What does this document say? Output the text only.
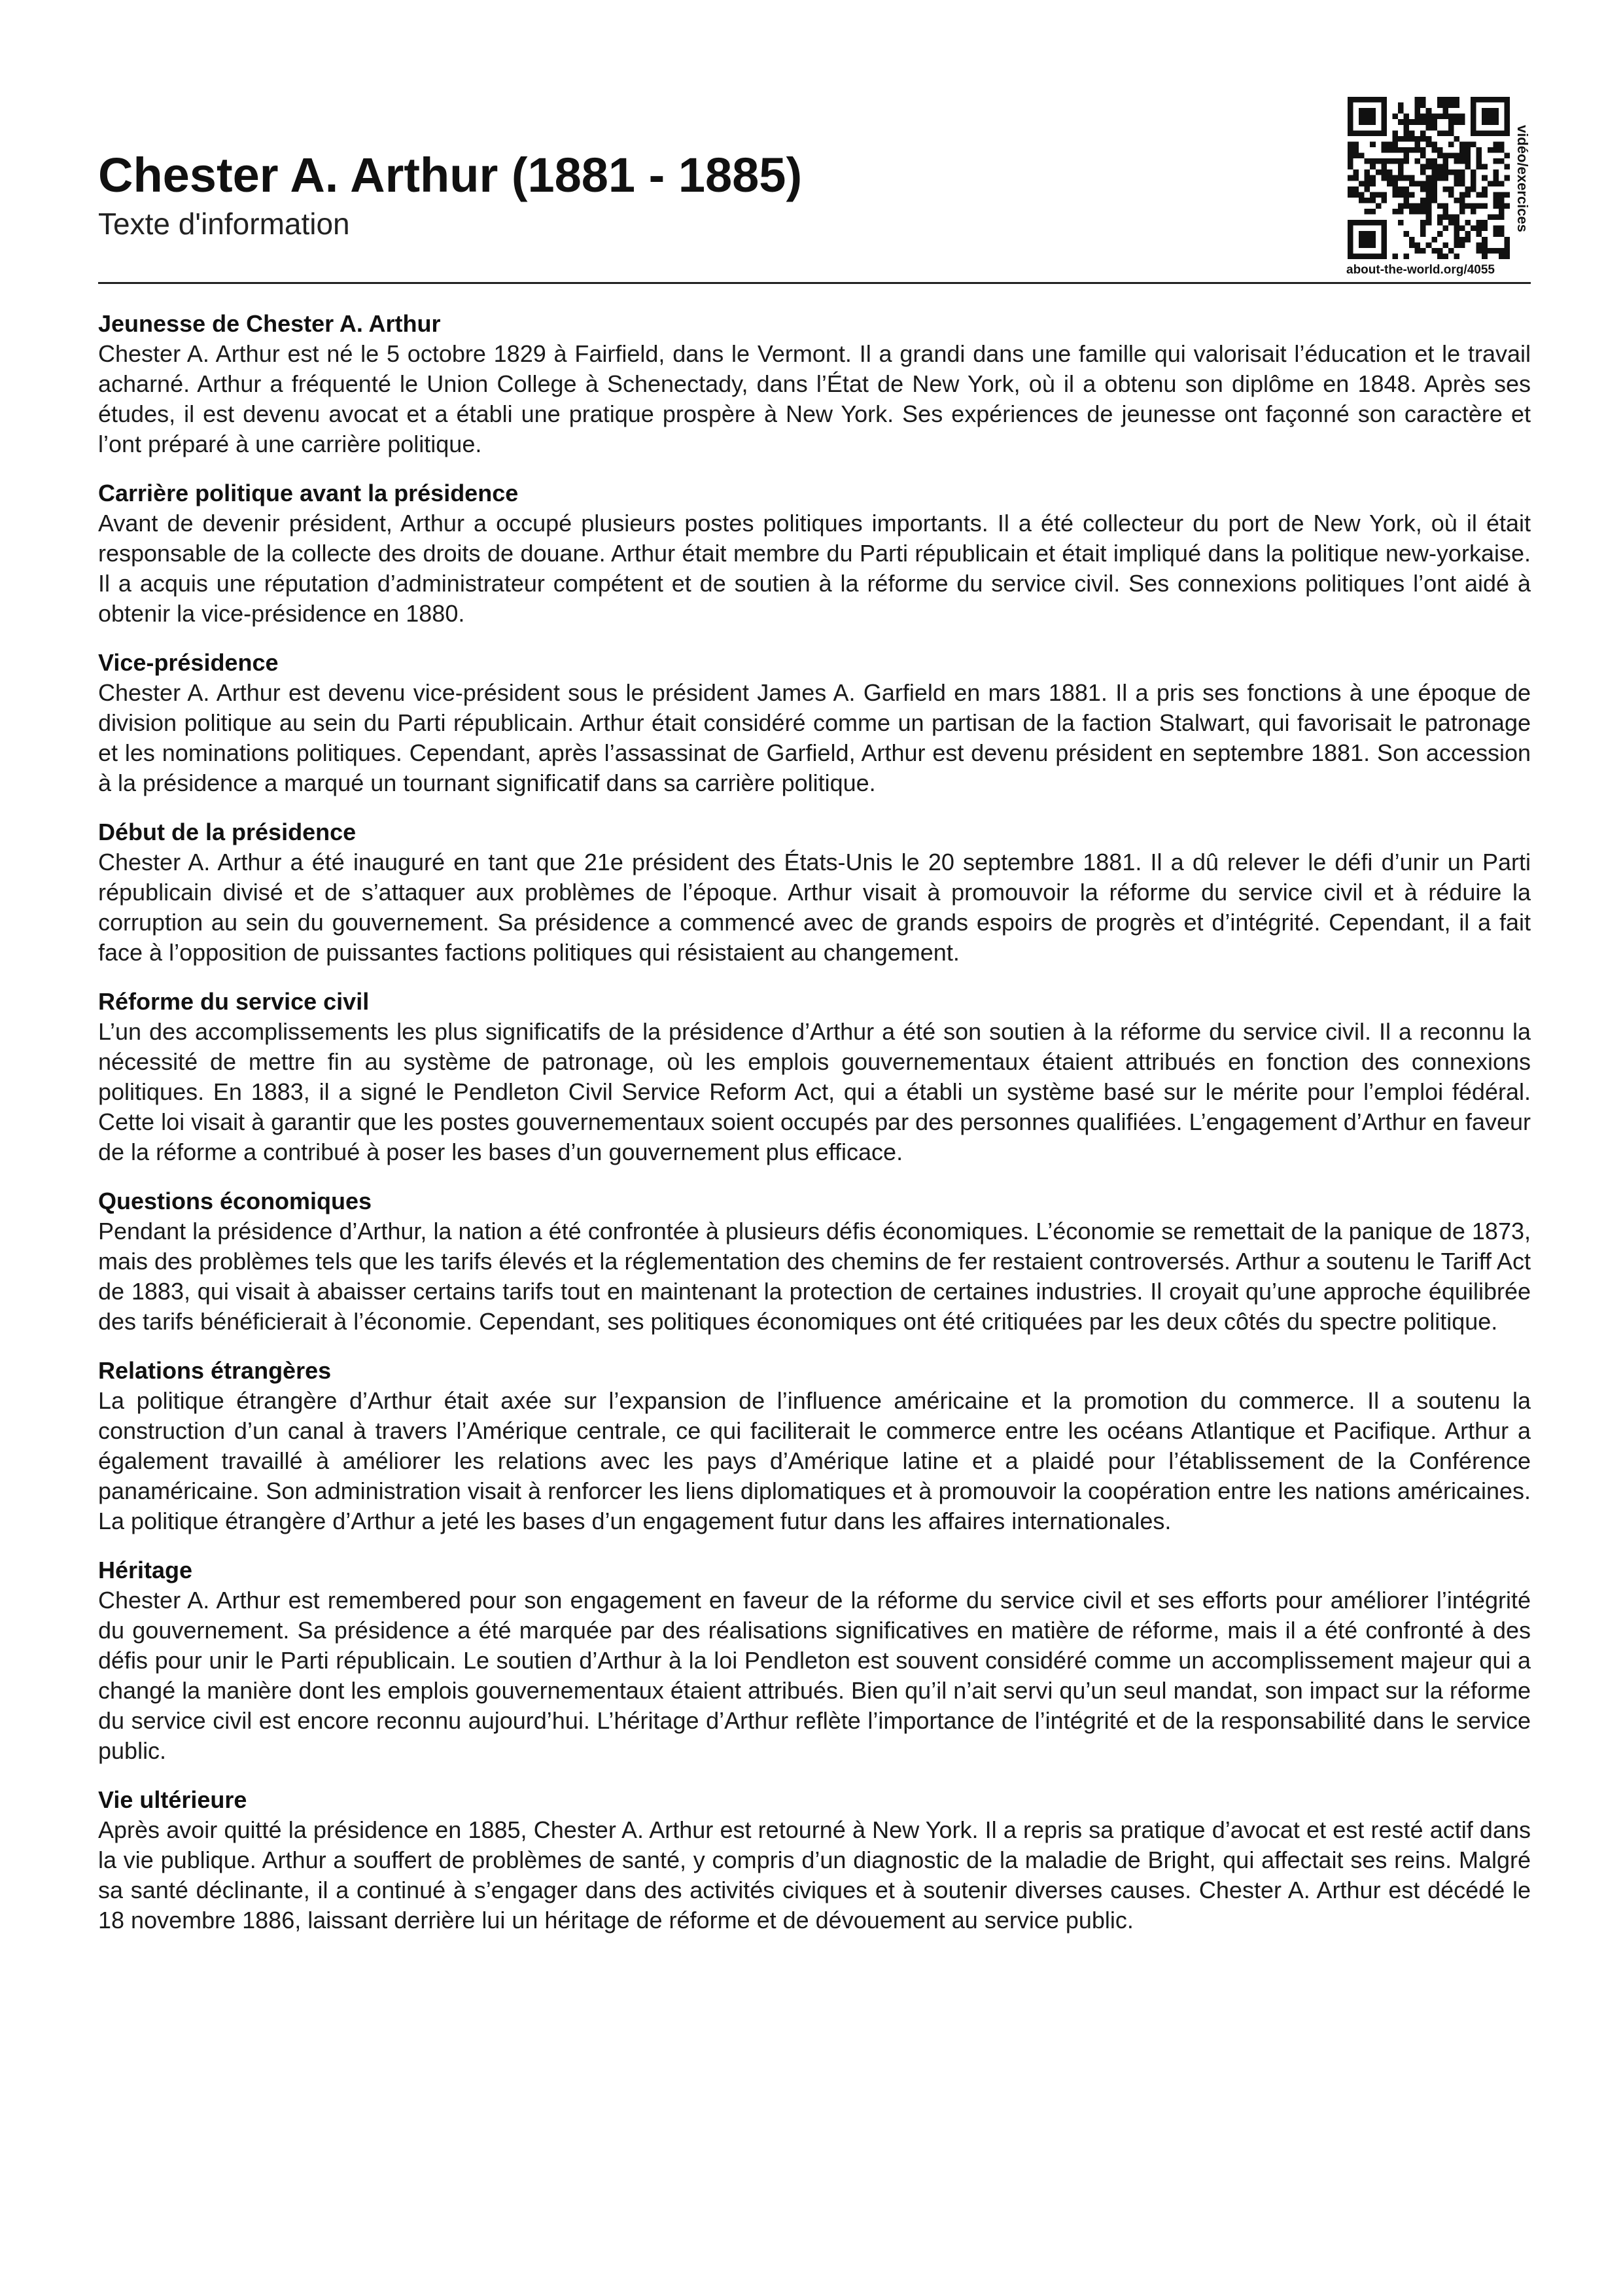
Chester A. Arthur (1881 - 1885)
Texte d'information	vidéo/exercices
about-the-world.org/4055
Jeunesse de Chester A. Arthur

Chester A. Arthur est né le 5 octobre 1829 à Fairfield, dans le Vermont. Il a grandi dans une famille qui valorisait l’éducation et le travail acharné. Arthur a fréquenté le Union College à Schenectady, dans l’État de New York, où il a obtenu son diplôme en 1848. Après ses études, il est devenu avocat et a établi une pratique prospère à New York. Ses expériences de jeunesse ont façonné son caractère et l’ont préparé à une carrière politique.

Carrière politique avant la présidence

Avant de devenir président, Arthur a occupé plusieurs postes politiques importants. Il a été collecteur du port de New York, où il était responsable de la collecte des droits de douane. Arthur était membre du Parti républicain et était impliqué dans la politique new-yorkaise. Il a acquis une réputation d’administrateur compétent et de soutien à la réforme du service civil. Ses connexions politiques l’ont aidé à obtenir la vice-présidence en 1880.

Vice-présidence

Chester A. Arthur est devenu vice-président sous le président James A. Garfield en mars 1881. Il a pris ses fonctions à une époque de division politique au sein du Parti républicain. Arthur était considéré comme un partisan de la faction Stalwart, qui favorisait le patronage et les nominations politiques. Cependant, après l’assassinat de Garfield, Arthur est devenu président en septembre 1881. Son accession à la présidence a marqué un tournant significatif dans sa carrière politique.

Début de la présidence

Chester A. Arthur a été inauguré en tant que 21e président des États-Unis le 20 septembre 1881. Il a dû relever le défi d’unir un Parti républicain divisé et de s’attaquer aux problèmes de l’époque. Arthur visait à promouvoir la réforme du service civil et à réduire la corruption au sein du gouvernement. Sa présidence a commencé avec de grands espoirs de progrès et d’intégrité. Cependant, il a fait face à l’opposition de puissantes factions politiques qui résistaient au changement.

Réforme du service civil

L’un des accomplissements les plus significatifs de la présidence d’Arthur a été son soutien à la réforme du service civil. Il a reconnu la nécessité de mettre fin au système de patronage, où les emplois gouvernementaux étaient attribués en fonction des connexions politiques. En 1883, il a signé le Pendleton Civil Service Reform Act, qui a établi un système basé sur le mérite pour l’emploi fédéral. Cette loi visait à garantir que les postes gouvernementaux soient occupés par des personnes qualifiées. L’engagement d’Arthur en faveur de la réforme a contribué à poser les bases d’un gouvernement plus efficace.

Questions économiques

Pendant la présidence d’Arthur, la nation a été confrontée à plusieurs défis économiques. L’économie se remettait de la panique de 1873, mais des problèmes tels que les tarifs élevés et la réglementation des chemins de fer restaient controversés. Arthur a soutenu le Tariff Act de 1883, qui visait à abaisser certains tarifs tout en maintenant la protection de certaines industries. Il croyait qu’une approche équilibrée des tarifs bénéficierait à l’économie. Cependant, ses politiques économiques ont été critiquées par les deux côtés du spectre politique.

Relations étrangères

La politique étrangère d’Arthur était axée sur l’expansion de l’influence américaine et la promotion du commerce. Il a soutenu la construction d’un canal à travers l’Amérique centrale, ce qui faciliterait le commerce entre les océans Atlantique et Pacifique. Arthur a également travaillé à améliorer les relations avec les pays d’Amérique latine et a plaidé pour l’établissement de la Conférence panaméricaine. Son administration visait à renforcer les liens diplomatiques et à promouvoir la coopération entre les nations américaines. La politique étrangère d’Arthur a jeté les bases d’un engagement futur dans les affaires internationales.

Héritage

Chester A. Arthur est remembered pour son engagement en faveur de la réforme du service civil et ses efforts pour améliorer l’intégrité du gouvernement. Sa présidence a été marquée par des réalisations significatives en matière de réforme, mais il a été confronté à des défis pour unir le Parti républicain. Le soutien d’Arthur à la loi Pendleton est souvent considéré comme un accomplissement majeur qui a changé la manière dont les emplois gouvernementaux étaient attribués. Bien qu’il n’ait servi qu’un seul mandat, son impact sur la réforme du service civil est encore reconnu aujourd’hui. L’héritage d’Arthur reflète l’importance de l’intégrité et de la responsabilité dans le service public.

Vie ultérieure

Après avoir quitté la présidence en 1885, Chester A. Arthur est retourné à New York. Il a repris sa pratique d’avocat et est resté actif dans la vie publique. Arthur a souffert de problèmes de santé, y compris d’un diagnostic de la maladie de Bright, qui affectait ses reins. Malgré sa santé déclinante, il a continué à s’engager dans des activités civiques et à soutenir diverses causes. Chester A. Arthur est décédé le 18 novembre 1886, laissant derrière lui un héritage de réforme et de dévouement au service public.
